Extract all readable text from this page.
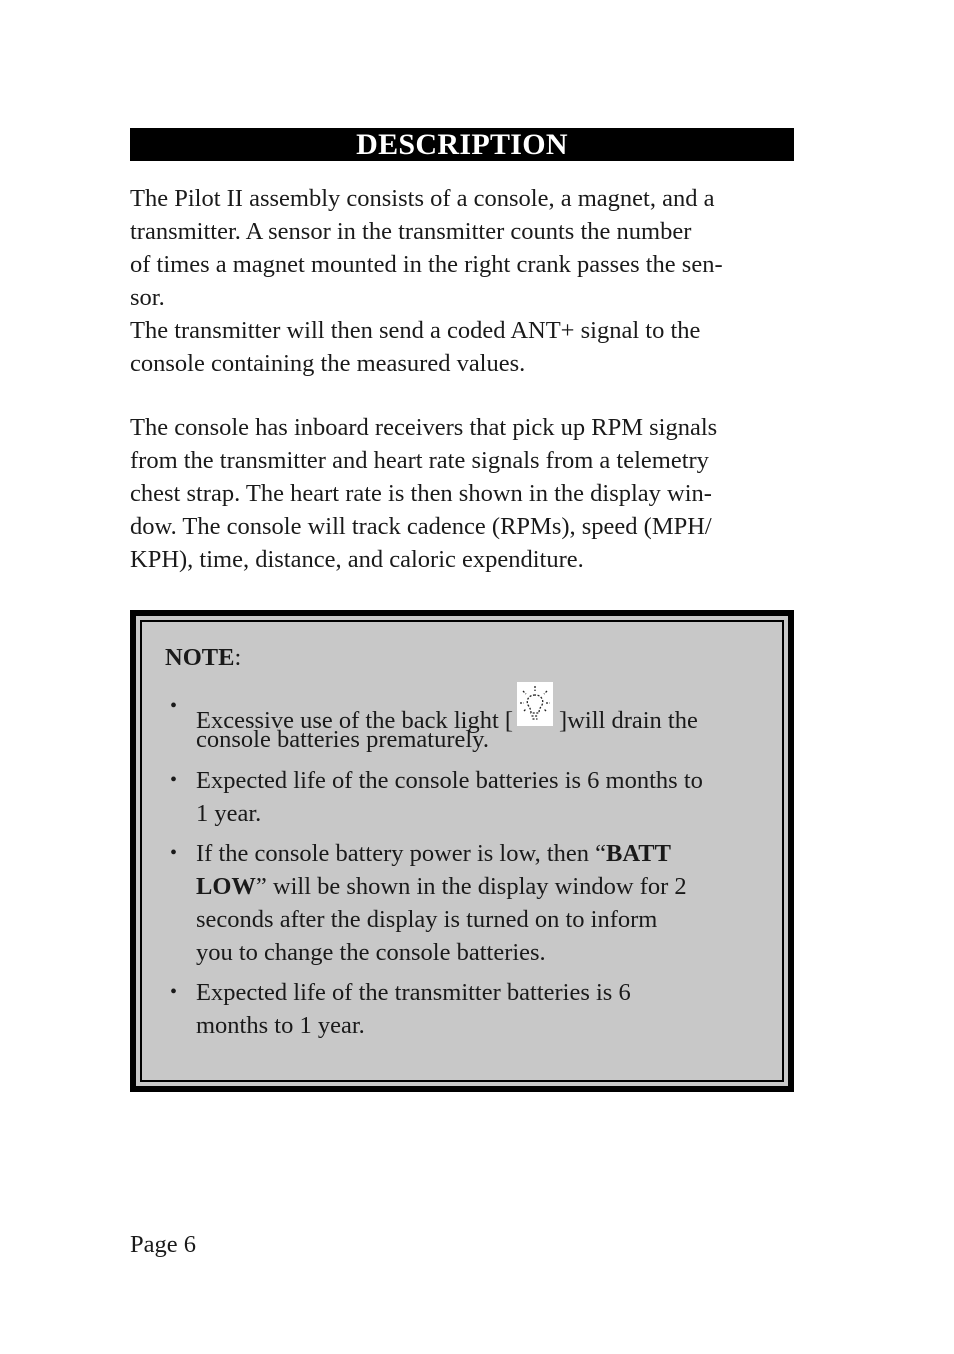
DESCRIPTION
The Pilot II assembly consists of a console, a magnet, and a
transmitter. A sensor in the transmitter counts the number
of times a magnet mounted in the right crank passes the sen-
sor.
The transmitter will then send a coded ANT+ signal to the
console containing the measured values.
The console has inboard receivers that pick up RPM signals
from the transmitter and heart rate signals from a telemetry
chest strap. The heart rate is then shown in the display win-
dow. The console will track cadence (RPMs), speed (MPH/
KPH), time, distance, and caloric expenditure.
NOTE:
•
Excessive use of the back light [ ]will drain the
console batteries prematurely.
• Expected life of the console batteries is 6 months to
1 year.
• If the console battery power is low, then “BATT
LOW” will be shown in the display window for 2
seconds after the display is turned on to inform
you to change the console batteries.
• Expected life of the transmitter batteries is 6
months to 1 year.
Page 6
